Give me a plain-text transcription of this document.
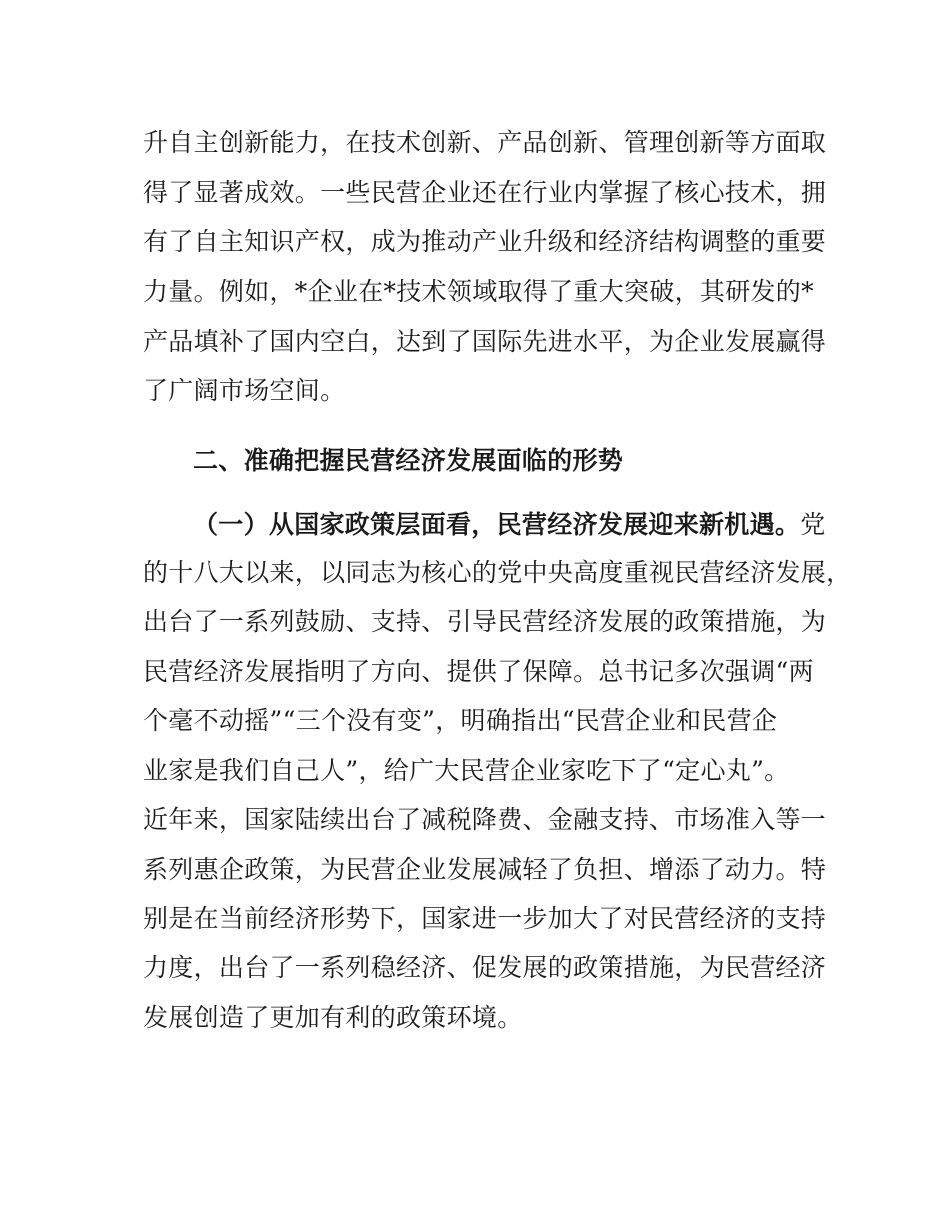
升自主创新能力，在技术创新、产品创新、管理创新等方面取
得了显著成效。一些民营企业还在行业内掌握了核心技术，拥
有了自主知识产权，成为推动产业升级和经济结构调整的重要
力量。例如，*企业在*技术领域取得了重大突破，其研发的*
产品填补了国内空白，达到了国际先进水平，为企业发展赢得
了广阔市场空间。
二、准确把握民营经济发展面临的形势
（一）从国家政策层面看，民营经济发展迎来新机遇。党
的十八大以来，以同志为核心的党中央高度重视民营经济发展，
出台了一系列鼓励、支持、引导民营经济发展的政策措施，为
民营经济发展指明了方向、提供了保障。总书记多次强调“两
个毫不动摇”“三个没有变”，明确指出“民营企业和民营企
业家是我们自己人”，给广大民营企业家吃下了“定心丸”。
近年来，国家陆续出台了减税降费、金融支持、市场准入等一
系列惠企政策，为民营企业发展减轻了负担、增添了动力。特
别是在当前经济形势下，国家进一步加大了对民营经济的支持
力度，出台了一系列稳经济、促发展的政策措施，为民营经济
发展创造了更加有利的政策环境。
